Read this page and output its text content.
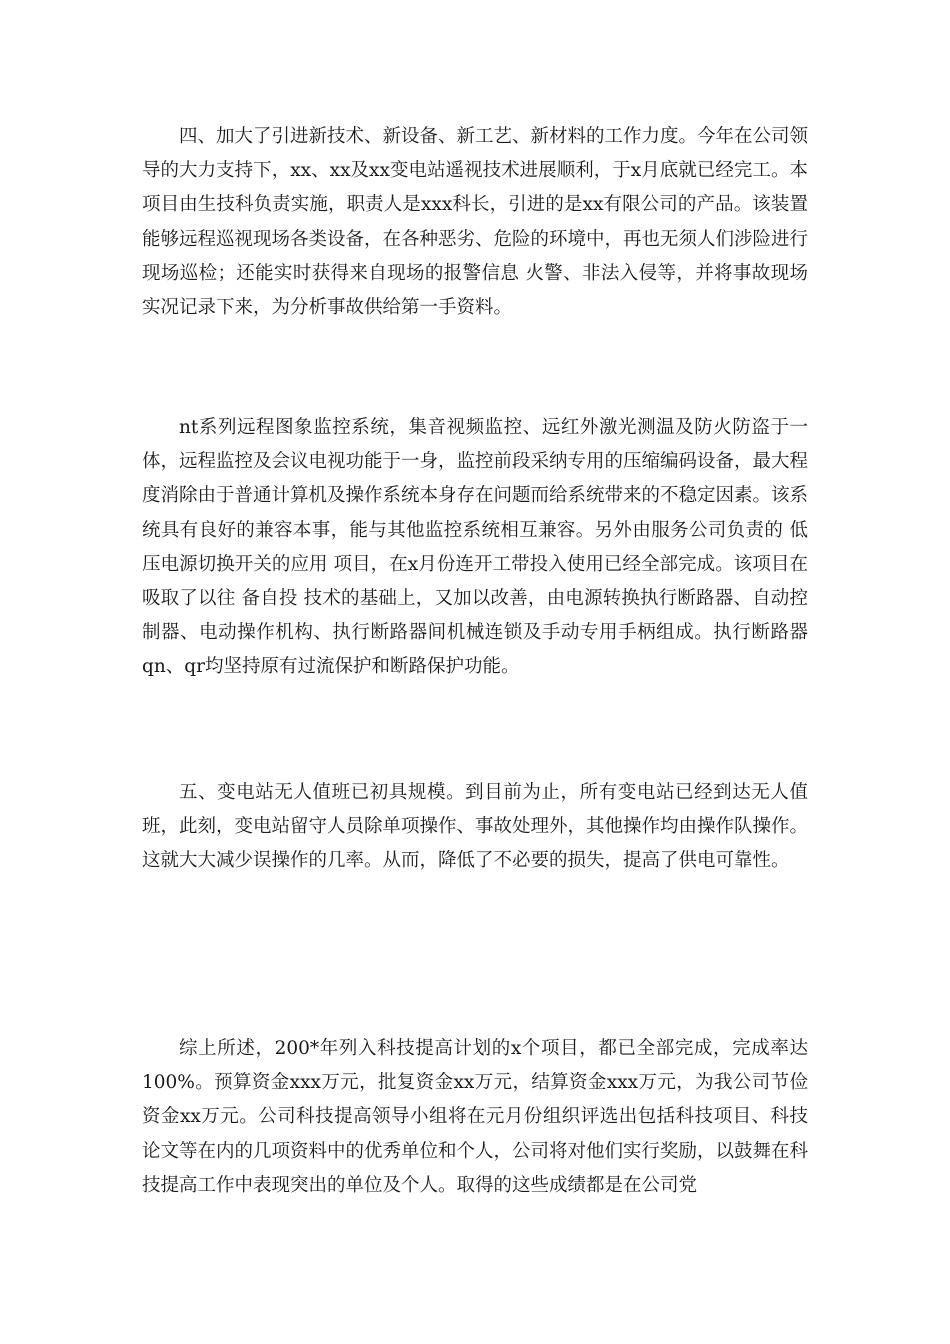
四、加大了引进新技术、新设备、新工艺、新材料的工作力度。今年在公司领导的大力支持下，xx、xx及xx变电站遥视技术进展顺利，于x月底就已经完工。本项目由生技科负责实施，职责人是xxx科长，引进的是xx有限公司的产品。该装置能够远程巡视现场各类设备，在各种恶劣、危险的环境中，再也无须人们涉险进行现场巡检；还能实时获得来自现场的报警信息 火警、非法入侵等，并将事故现场实况记录下来，为分析事故供给第一手资料。

nt系列远程图象监控系统，集音视频监控、远红外激光测温及防火防盗于一体，远程监控及会议电视功能于一身，监控前段采纳专用的压缩编码设备，最大程度消除由于普通计算机及操作系统本身存在问题而给系统带来的不稳定因素。该系统具有良好的兼容本事，能与其他监控系统相互兼容。另外由服务公司负责的 低压电源切换开关的应用 项目，在x月份连开工带投入使用已经全部完成。该项目在吸取了以往 备自投 技术的基础上，又加以改善，由电源转换执行断路器、自动控制器、电动操作机构、执行断路器间机械连锁及手动专用手柄组成。执行断路器qn、qr均坚持原有过流保护和断路保护功能。

五、变电站无人值班已初具规模。到目前为止，所有变电站已经到达无人值班，此刻，变电站留守人员除单项操作、事故处理外，其他操作均由操作队操作。这就大大减少误操作的几率。从而，降低了不必要的损失，提高了供电可靠性。

综上所述，200*年列入科技提高计划的x个项目，都已全部完成，完成率达100%。预算资金xxx万元，批复资金xx万元，结算资金xxx万元，为我公司节俭资金xx万元。公司科技提高领导小组将在元月份组织评选出包括科技项目、科技论文等在内的几项资料中的优秀单位和个人，公司将对他们实行奖励，以鼓舞在科技提高工作中表现突出的单位及个人。取得的这些成绩都是在公司党
